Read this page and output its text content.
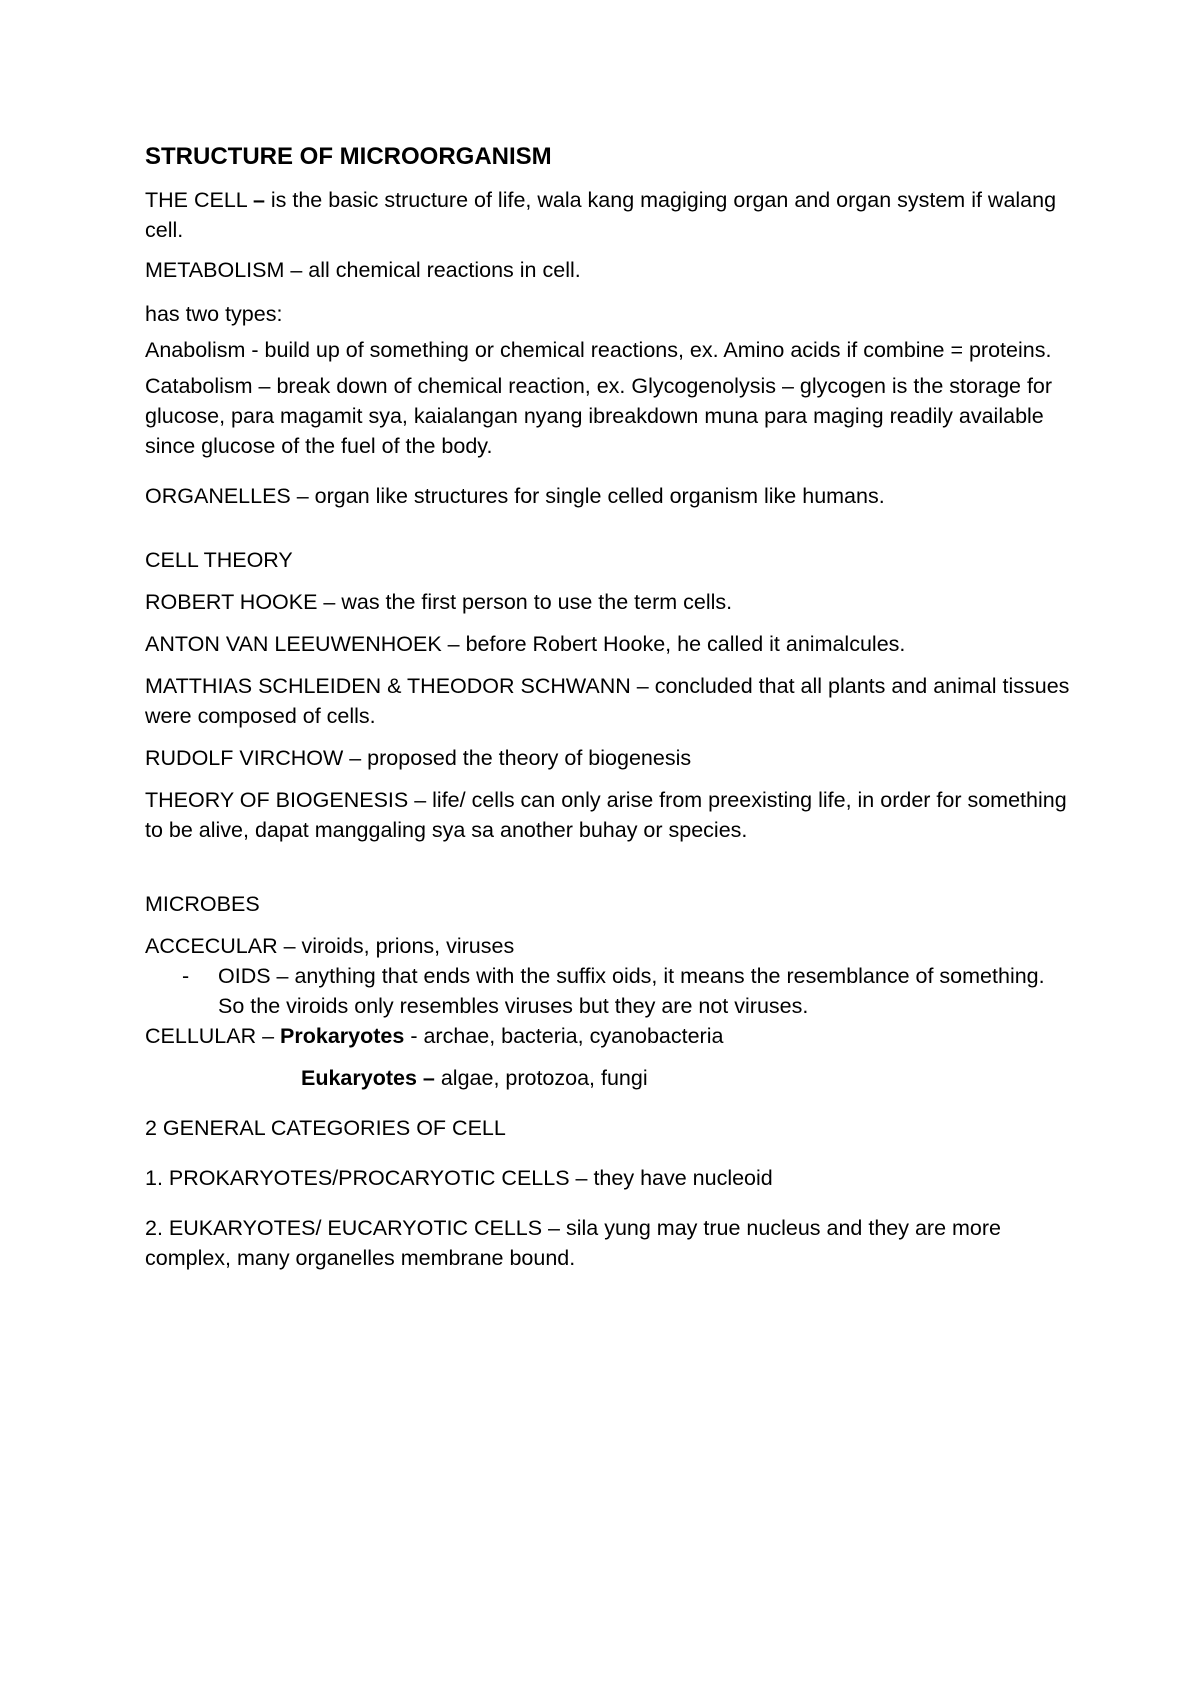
STRUCTURE OF MICROORGANISM

THE CELL – is the basic structure of life, wala kang magiging organ and organ system if walang cell.

METABOLISM – all chemical reactions in cell.

has two types:

Anabolism - build up of something or chemical reactions, ex. Amino acids if combine = proteins.

Catabolism – break down of chemical reaction, ex. Glycogenolysis – glycogen is the storage for glucose, para magamit sya, kaialangan nyang ibreakdown muna para maging readily available since glucose of the fuel of the body.

ORGANELLES – organ like structures for single celled organism like humans.

CELL THEORY

ROBERT HOOKE – was the first person to use the term cells.

ANTON VAN LEEUWENHOEK – before Robert Hooke, he called it animalcules.

MATTHIAS SCHLEIDEN & THEODOR SCHWANN – concluded that all plants and animal tissues were composed of cells.

RUDOLF VIRCHOW – proposed the theory of biogenesis

THEORY OF BIOGENESIS – life/ cells can only arise from preexisting life, in order for something to be alive, dapat manggaling sya sa another buhay or species.

MICROBES

ACCECULAR – viroids, prions, viruses

- OIDS – anything that ends with the suffix oids, it means the resemblance of something. So the viroids only resembles viruses but they are not viruses.

CELLULAR – Prokaryotes - archae, bacteria, cyanobacteria

Eukaryotes – algae, protozoa, fungi

2 GENERAL CATEGORIES OF CELL

1. PROKARYOTES/PROCARYOTIC CELLS – they have nucleoid

2. EUKARYOTES/ EUCARYOTIC CELLS – sila yung may true nucleus and they are more complex, many organelles membrane bound.
